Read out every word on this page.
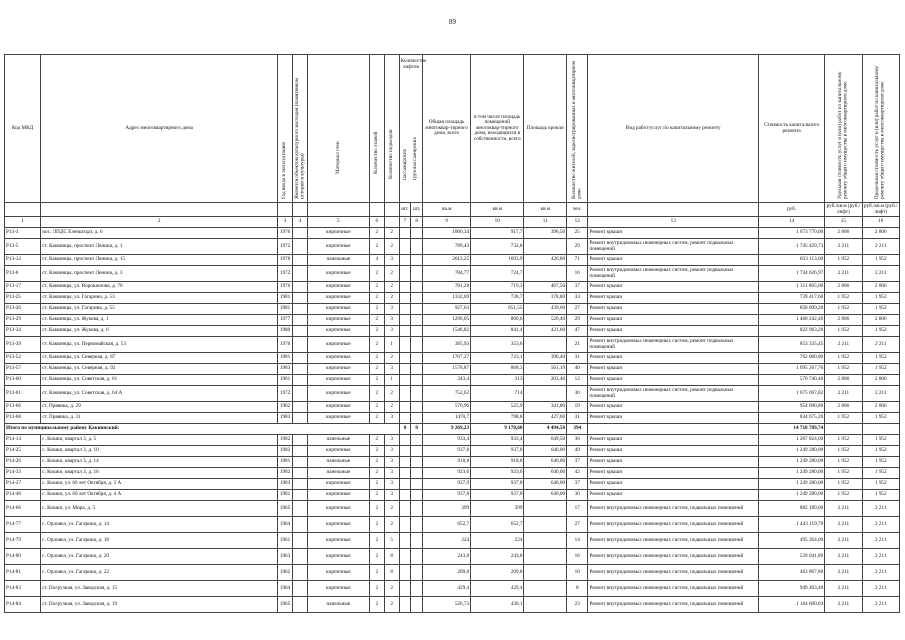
89
Код МКД	Адрес многоквартирного дома	Год ввода в эксплуатацию	Является объектом культурного наследия (памятником истории и культуры)	Материал стен	Количество этажей	Количество подъездов	Количество лифтов
пассажирских грузопассажирских		Общая площадь многоквар-тирного дома, всего	в том числе площадь помещений многоквар-тирного дома, находящихся в собственности, всего	Площадь кровли	Количество жителей, зарегистрированных в многоквартирном доме	Вид работ/услуг по капитальному ремонту	Стоимость капитального ремонта	Удельная стоимость услуг и (или) работ по капитальному ремонту общего имущества в многоквартирном доме	Предельная стоимость услуг и (или) работ по капитальному ремонту общего имущества в многоквартирном доме

							шт.	шт.	кв.м	кв.м	кв.м	чел.		руб.	руб./кв.м (руб./лифт)	руб./кв.м (руб./лифт)
1	2	3	4	5	6		7	8	9	10	11	12	13	14	15	16
Р13-3	пос. ЛПДС Еленштадт, д. 6	1976		кирпичные	2	2			1060,34	917,7	396,50	25	Ремонт крыши	1 673 770,00	2 806	2 806
Р13-5	ст. Каквинцы, проспект Ленина, д. 1	1972		кирпичные	2	2			789,43	732,8		29	Ремонт внутридомовых инженерных систем, ремонт подвальных помещений	1 745 429,73	2 211	2 211
Р13-12	ст. Каквинцы, проспект Ленина, д. 15	1978		панельные	4	3			2612,25	1693,9	426,80	71	Ремонт крыши	833 113,60	1 952	1 952
Р13-6	ст. Каквинцы, проспект Ленина, д. 3	1972		кирпичные	2	2			784,77	724,7		16	Ремонт внутридомовых инженерных систем, ремонт подвальных помещений	1 734 626,97	2 211	2 211
Р13-17	ст. Каквинцы, ул. Ворошилова, д. 76	1976		кирпичные	2	2			781,28	719,3	467,50	37	Ремонт крыши	1 311 805,00	2 806	2 806
Р13-25	ст. Каквинцы, ул. Гагарина, д. 53	1981		кирпичные	2	2			1332,69	738,7	378,80	33	Ремонт крыши	739 417,60	1 952	1 952
Р13-26	ст. Каквинцы, ул. Гагарина, д. 55	1981		кирпичные	2	3			927,63	851,55	439,60	27	Ремонт крыши	858 099,20	1 952	1 952
Р13-29	ст. Каквинцы, ул. Жукова, д. 1	1977		кирпичные	2	3			1296,05	800,6	520,40	29	Ремонт крыши	1 460 242,40	2 806	2 806
Р13-34	ст. Каквинцы, ул. Жукова, д. 6	1980		кирпичные	2	3			1546,82	841,4	421,60	47	Ремонт крыши	822 963,20	1 952	1 952
Р13-39	ст. Каквинцы, ул. Первомайская, д. 53	1976		кирпичные	2	1			385,93	353,6		21	Ремонт внутридомовых инженерных систем, ремонт подвальных помещений	853 335,45	2 211	2 211
Р13-52	ст. Каквинцы, ул. Северная, д. 87	1981		кирпичные	2	2			1767,27	723,1	390,40	31	Ремонт крыши	762 060,80	1 952	1 952
Р13-57	ст. Каквинцы, ул. Северная, д. 92	1983		кирпичные	2	3			1578,87	868,3	561,19	40	Ремонт крыши	1 095 267,70	1 952	1 952
Р13-60	ст. Каквинцы, ул. Советская, д. 61	1961		кирпичные	2	1			343,4	313	203,40	12	Ремонт крыши	570 740,40	2 806	2 806
Р13-61	ст. Каквинцы, ул. Советская, д. 64 А	1972		кирпичные	2	2			752,62	714		30	Ремонт внутридомовых инженерных систем, ремонт подвальных помещений	1 675 697,82	2 211	2 211
Р13-66	ст. Првянка, д. 29	1962		кирпичные	2	2			570,96	525,9	341,80	19	Ремонт крыши	954 090,80	2 806	2 806
Р13-68	ст. Првянка, д. 31	1983		кирпичные	2	3			1470,7	798,8	427,60	31	Ремонт крыши	834 675,20	1 952	1 952
Итого по муниципальному району Каквинский:							0	0	9 269,23	9 178,60	4 494,50	394		14 718 789,74		
Р14-14	с. Кошки, квартал 3, д. 5	1982		панельные	2	3			933,4	933,4	649,50	36	Ремонт крыши	1 267 824,00	1 952	1 952
Р14-25	с. Кошки, квартал 3, д. 10	1982		кирпичные	2	3			937,8	937,8	640,00	49	Ремонт крыши	1 249 280,00	1 952	1 952
Р14-26	с. Кошки, квартал 3, д. 14	1981		панельные	2	3			918,8	918,8	640,00	37	Ремонт крыши	1 249 280,00	1 952	1 952
Р14-33	с. Кошки, квартал 3, д. 16	1982		панельные	2	3			923,6	923,6	640,00	42	Ремонт крыши	1 249 280,00	1 952	1 952
Р14-37	с. Кошки, ул. 60 лет Октября, д. 3 А	1983		кирпичные	2	3			937,9	937,8	640,00	37	Ремонт крыши	1 249 280,00	1 952	1 952
Р14-46	с. Кошки, ул. 60 лет Октября, д. 4 А	1981		кирпичные	2	3			937,8	937,8	640,00	30	Ремонт крыши	1 249 280,00	1 952	1 952
Р14-66	с. Кошки, ул. Мира, д. 5	1965		кирпичные	2	2			399	399		17	Ремонт внутридомовых инженерных систем, подвальных помещений	882 189,00	2 211	2 211
Р14-77	с. Орловка, ул. Гагарина, д. 14	1964		кирпичные	2	2			652,7	652,7		27	Ремонт внутридомовых инженерных систем, подвальных помещений	1 443 119,70	2 211	2 211
Р14-79	с. Орловка, ул. Гагарина, д. 18	1961		кирпичные	2	5			224	224		14	Ремонт внутридомовых инженерных систем, подвальных помещений	495 264,00	2 211	2 211
Р14-80	с. Орловка, ул. Гагарина, д. 20	1963		кирпичные	2	8			243,8	243,8		16	Ремонт внутридомовых инженерных систем, подвальных помещений	539 041,80	2 211	2 211
Р14-81	с. Орловка, ул. Гагарина, д. 22	1962		кирпичные	2	8			209,8	209,8		10	Ремонт внутридомовых инженерных систем, подвальных помещений	463 867,80	2 211	2 211
Р14-83	ст. Погрузная, ул. Заводская, д. 15	1964		кирпичные	2	2			429,4	429,4		8	Ремонт внутридомовых инженерных систем, подвальных помещений	949 403,40	2 211	2 211
Р14-84	ст. Погрузная, ул. Заводская, д. 19	1965		панельные	2	2			526,73	430,1		23	Ремонт внутридомовых инженерных систем, подвальных помещений	1 164 600,03	2 211	2 211
